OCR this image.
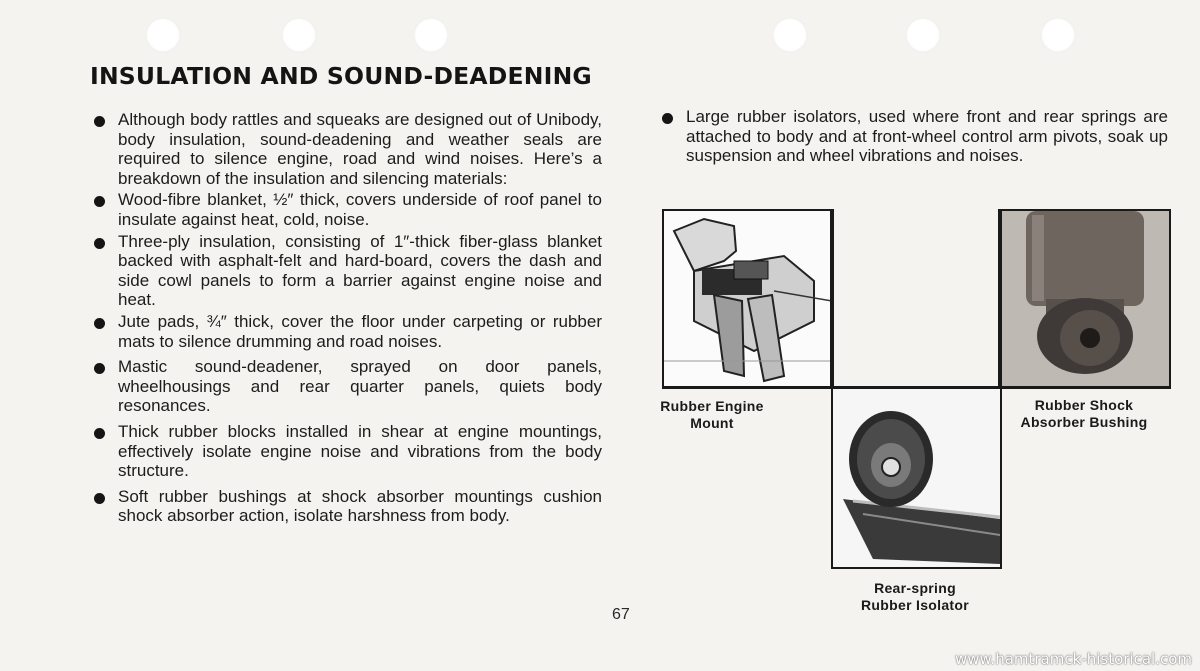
INSULATION AND SOUND-DEADENING
Although body rattles and squeaks are designed out of Unibody, body insulation, sound-deadening and weather seals are required to silence engine, road and wind noises. Here’s a breakdown of the insulation and silencing materials:
Wood-fibre blanket, ½″ thick, covers underside of roof panel to insulate against heat, cold, noise.
Three-ply insulation, consisting of 1″-thick fiber-glass blanket backed with asphalt-felt and hard-board, covers the dash and side cowl panels to form a barrier against engine noise and heat.
Jute pads, ¾″ thick, cover the floor under carpeting or rubber mats to silence drumming and road noises.
Mastic sound-deadener, sprayed on door panels, wheelhousings and rear quarter panels, quiets body resonances.
Thick rubber blocks installed in shear at engine mountings, effectively isolate engine noise and vibrations from the body structure.
Soft rubber bushings at shock absorber mountings cushion shock absorber action, isolate harshness from body.
Large rubber isolators, used where front and rear springs are attached to body and at front-wheel control arm pivots, soak up suspension and wheel vibrations and noises.
Rubber Engine
Mount
Rubber Shock
Absorber Bushing
Rear-spring
Rubber Isolator
67
www.hamtramck-historical.com
